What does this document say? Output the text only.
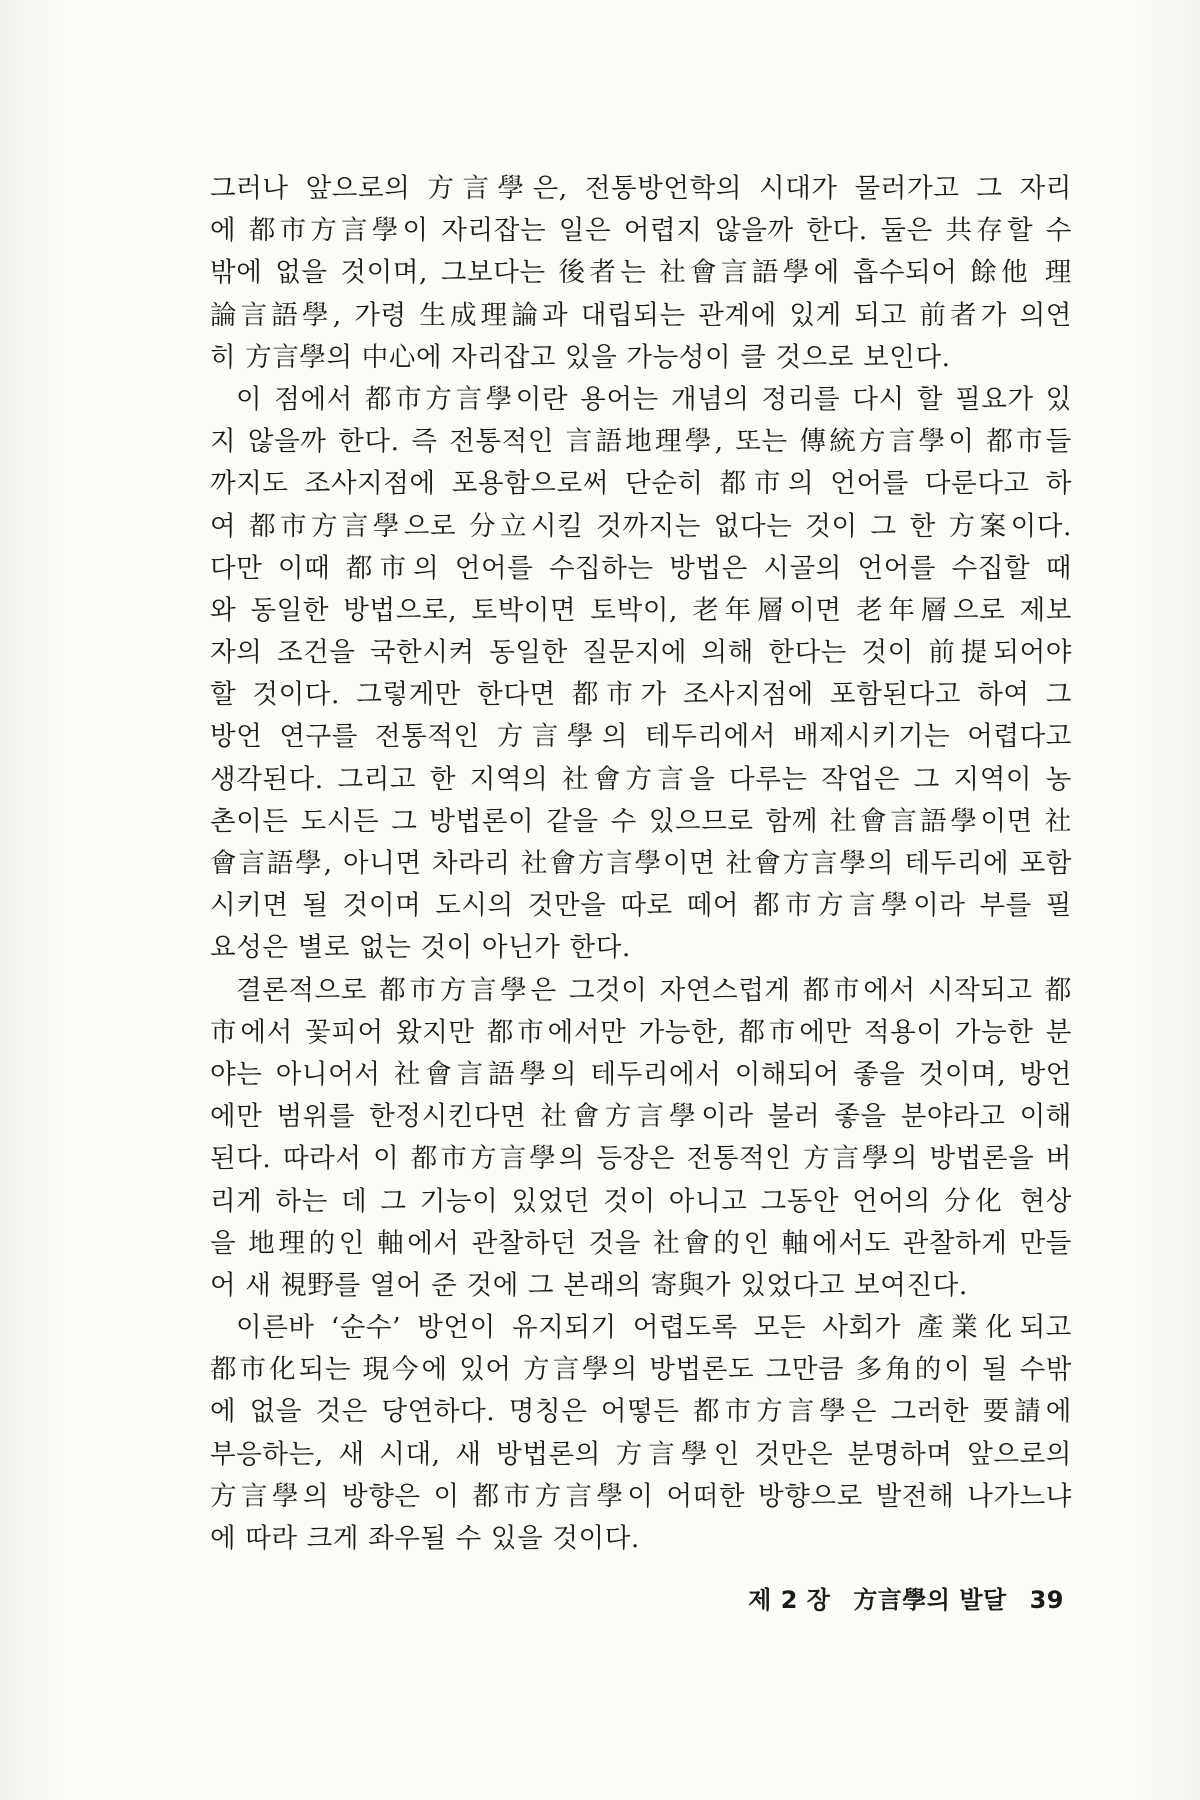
그러나 앞으로의 方言學은, 전통방언학의 시대가 물러가고 그 자리
에 都市方言學이 자리잡는 일은 어렵지 않을까 한다. 둘은 共存할 수
밖에 없을 것이며, 그보다는 後者는 社會言語學에 흡수되어 餘他 理
論言語學, 가령 生成理論과 대립되는 관계에 있게 되고 前者가 의연
히 方言學의 中心에 자리잡고 있을 가능성이 클 것으로 보인다.
이 점에서 都市方言學이란 용어는 개념의 정리를 다시 할 필요가 있
지 않을까 한다. 즉 전통적인 言語地理學, 또는 傳統方言學이 都市들
까지도 조사지점에 포용함으로써 단순히 都市의 언어를 다룬다고 하
여 都市方言學으로 分立시킬 것까지는 없다는 것이 그 한 方案이다.
다만 이때 都市의 언어를 수집하는 방법은 시골의 언어를 수집할 때
와 동일한 방법으로, 토박이면 토박이, 老年層이면 老年層으로 제보
자의 조건을 국한시켜 동일한 질문지에 의해 한다는 것이 前提되어야
할 것이다. 그렇게만 한다면 都市가 조사지점에 포함된다고 하여 그
방언 연구를 전통적인 方言學의 테두리에서 배제시키기는 어렵다고
생각된다. 그리고 한 지역의 社會方言을 다루는 작업은 그 지역이 농
촌이든 도시든 그 방법론이 같을 수 있으므로 함께 社會言語學이면 社
會言語學, 아니면 차라리 社會方言學이면 社會方言學의 테두리에 포함
시키면 될 것이며 도시의 것만을 따로 떼어 都市方言學이라 부를 필
요성은 별로 없는 것이 아닌가 한다.
결론적으로 都市方言學은 그것이 자연스럽게 都市에서 시작되고 都
市에서 꽃피어 왔지만 都市에서만 가능한, 都市에만 적용이 가능한 분
야는 아니어서 社會言語學의 테두리에서 이해되어 좋을 것이며, 방언
에만 범위를 한정시킨다면 社會方言學이라 불러 좋을 분야라고 이해
된다. 따라서 이 都市方言學의 등장은 전통적인 方言學의 방법론을 버
리게 하는 데 그 기능이 있었던 것이 아니고 그동안 언어의 分化 현상
을 地理的인 軸에서 관찰하던 것을 社會的인 軸에서도 관찰하게 만들
어 새 視野를 열어 준 것에 그 본래의 寄與가 있었다고 보여진다.
이른바 ‘순수’ 방언이 유지되기 어렵도록 모든 사회가 產業化되고
都市化되는 現今에 있어 方言學의 방법론도 그만큼 多角的이 될 수밖
에 없을 것은 당연하다. 명칭은 어떻든 都市方言學은 그러한 要請에
부응하는, 새 시대, 새 방법론의 方言學인 것만은 분명하며 앞으로의
方言學의 방향은 이 都市方言學이 어떠한 방향으로 발전해 나가느냐
에 따라 크게 좌우될 수 있을 것이다.
제 2 장 方言學의 발달 39
